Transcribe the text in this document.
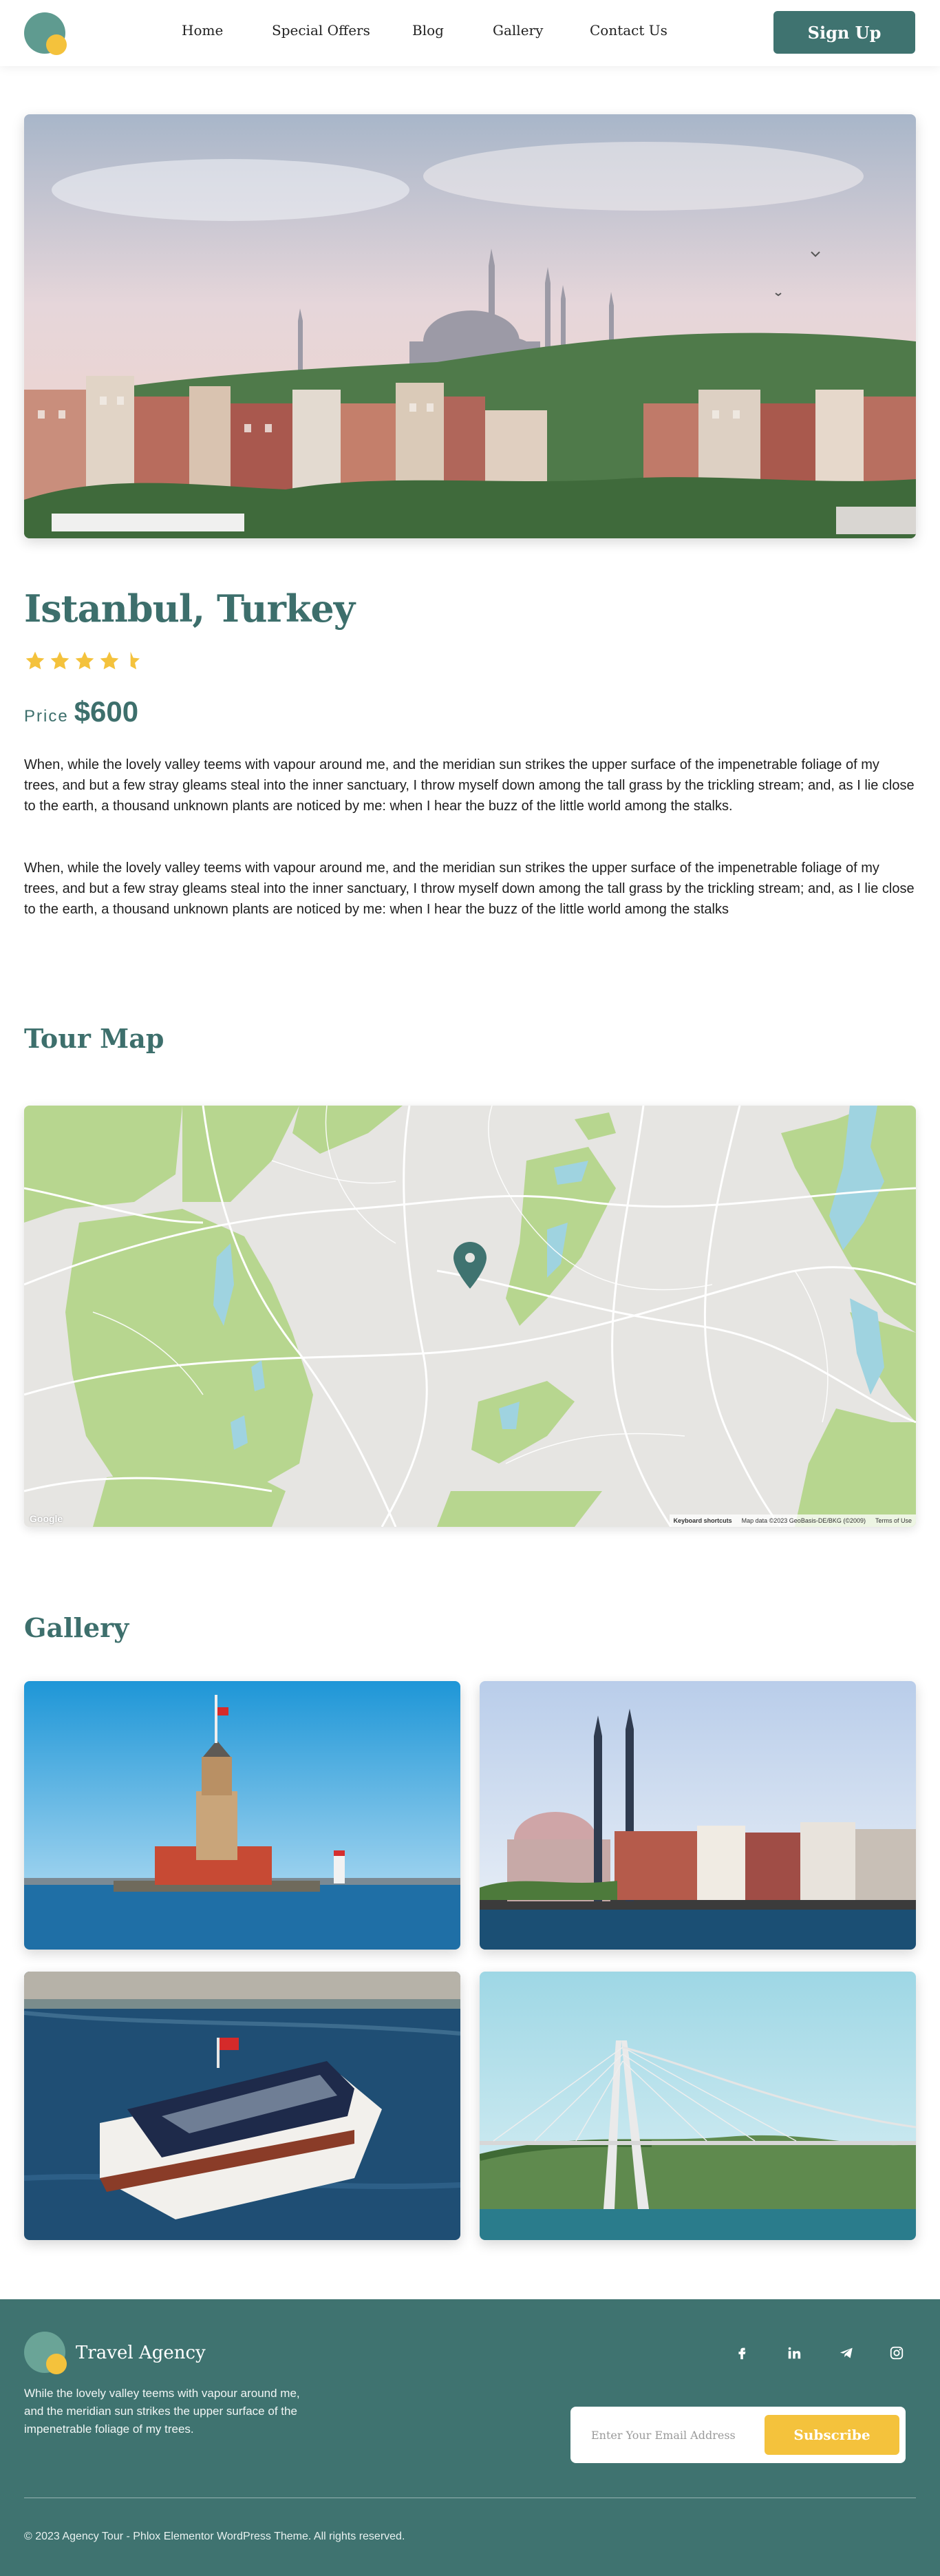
Home	Special Offers	Blog	Gallery	Contact Us	Sign Up
Istanbul, Turkey
Price $600

When, while the lovely valley teems with vapour around me, and the meridian sun strikes the upper surface of the impenetrable foliage of my trees, and but a few stray gleams steal into the inner sanctuary, I throw myself down among the tall grass by the trickling stream; and, as I lie close to the earth, a thousand unknown plants are noticed by me: when I hear the buzz of the little world among the stalks.

When, while the lovely valley teems with vapour around me, and the meridian sun strikes the upper surface of the impenetrable foliage of my trees, and but a few stray gleams steal into the inner sanctuary, I throw myself down among the tall grass by the trickling stream; and, as I lie close to the earth, a thousand unknown plants are noticed by me: when I hear the buzz of the little world among the stalks

Tour Map
Google	Keyboard shortcuts Map data ©2023 GeoBasis-DE/BKG (©2009) Terms of Use
Gallery
Travel Agency

While the lovely valley teems with vapour around me, and the meridian sun strikes the upper surface of the impenetrable foliage of my trees.

Enter Your Email Address	Subscribe

© 2023 Agency Tour - Phlox Elementor WordPress Theme. All rights reserved.
